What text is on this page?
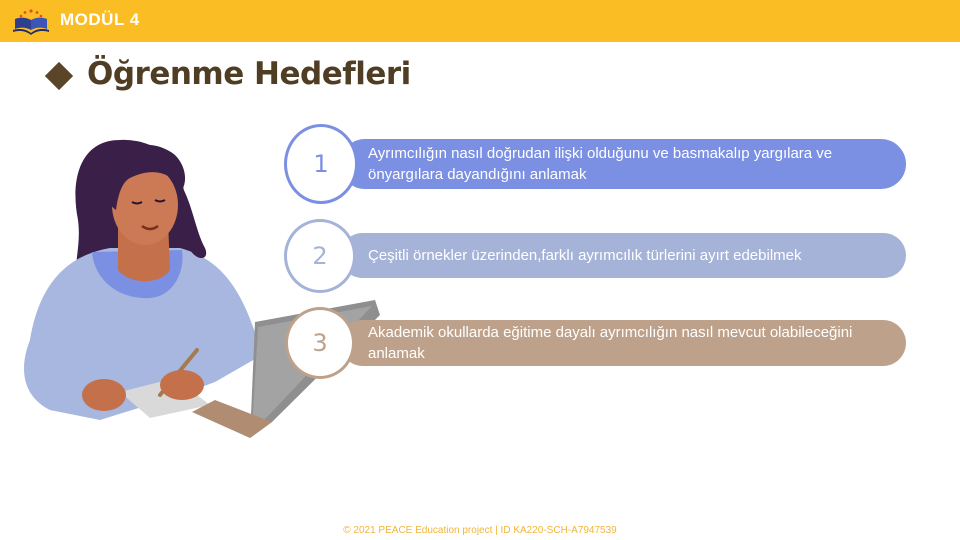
MODÜL 4
Öğrenme Hedefleri
Ayrımcılığın nasıl doğrudan ilişki olduğunu ve basmakalıp yargılara ve önyargılara dayandığını anlamak
1
Çeşitli örnekler üzerinden,farklı ayrımcılık türlerini ayırt edebilmek
2
Akademik okullarda eğitime dayalı ayrımcılığın nasıl mevcut olabileceğini anlamak
3
© 2021 PEACE Education project | ID KA220-SCH-A7947539
